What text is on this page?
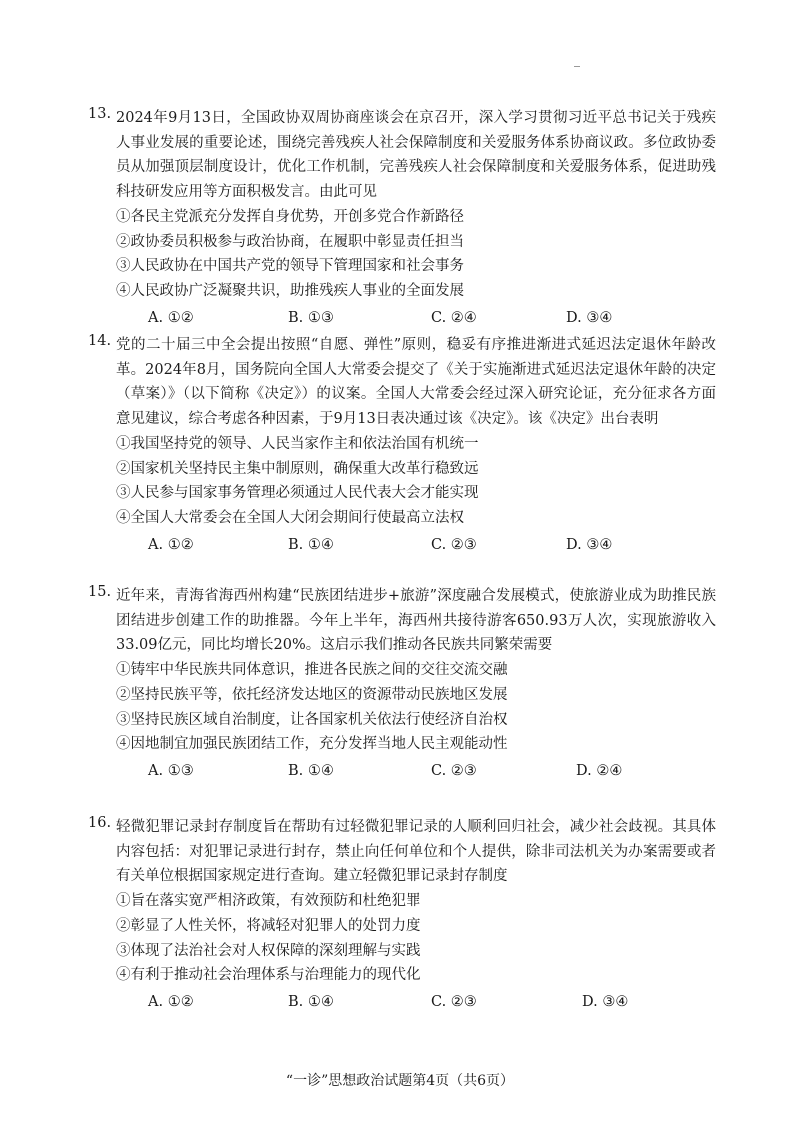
13. 2024年9月13日，全国政协双周协商座谈会在京召开，深入学习贯彻习近平总书记关于残疾人事业发展的重要论述，围绕完善残疾人社会保障制度和关爱服务体系协商议政。多位政协委员从加强顶层制度设计，优化工作机制，完善残疾人社会保障制度和关爱服务体系，促进助残科技研发应用等方面积极发言。由此可见

①各民主党派充分发挥自身优势，开创多党合作新路径

②政协委员积极参与政治协商，在履职中彰显责任担当

③人民政协在中国共产党的领导下管理国家和社会事务

④人民政协广泛凝聚共识，助推残疾人事业的全面发展

A. ①②	B. ①③	C. ②④	D. ③④
14. 党的二十届三中全会提出按照“自愿、弹性”原则，稳妥有序推进渐进式延迟法定退休年龄改革。2024年8月，国务院向全国人大常委会提交了《关于实施渐进式延迟法定退休年龄的决定（草案）》（以下简称《决定》）的议案。全国人大常委会经过深入研究论证，充分征求各方面意见建议，综合考虑各种因素，于9月13日表决通过该《决定》。该《决定》出台表明

①我国坚持党的领导、人民当家作主和依法治国有机统一

②国家机关坚持民主集中制原则，确保重大改革行稳致远

③人民参与国家事务管理必须通过人民代表大会才能实现

④全国人大常委会在全国人大闭会期间行使最高立法权

A. ①②	B. ①④	C. ②③	D. ③④
15. 近年来，青海省海西州构建“民族团结进步+旅游”深度融合发展模式，使旅游业成为助推民族团结进步创建工作的助推器。今年上半年，海西州共接待游客650.93万人次，实现旅游收入33.09亿元，同比均增长20%。这启示我们推动各民族共同繁荣需要

①铸牢中华民族共同体意识，推进各民族之间的交往交流交融

②坚持民族平等，依托经济发达地区的资源带动民族地区发展

③坚持民族区域自治制度，让各国家机关依法行使经济自治权

④因地制宜加强民族团结工作，充分发挥当地人民主观能动性

A. ①③	B. ①④	C. ②③	D. ②④
16. 轻微犯罪记录封存制度旨在帮助有过轻微犯罪记录的人顺利回归社会，减少社会歧视。其具体内容包括：对犯罪记录进行封存，禁止向任何单位和个人提供，除非司法机关为办案需要或者有关单位根据国家规定进行查询。建立轻微犯罪记录封存制度

①旨在落实宽严相济政策，有效预防和杜绝犯罪

②彰显了人性关怀，将减轻对犯罪人的处罚力度

③体现了法治社会对人权保障的深刻理解与实践

④有利于推动社会治理体系与治理能力的现代化

A. ①②	B. ①④	C. ②③	D. ③④
“一诊”思想政治试题第4页（共6页）
